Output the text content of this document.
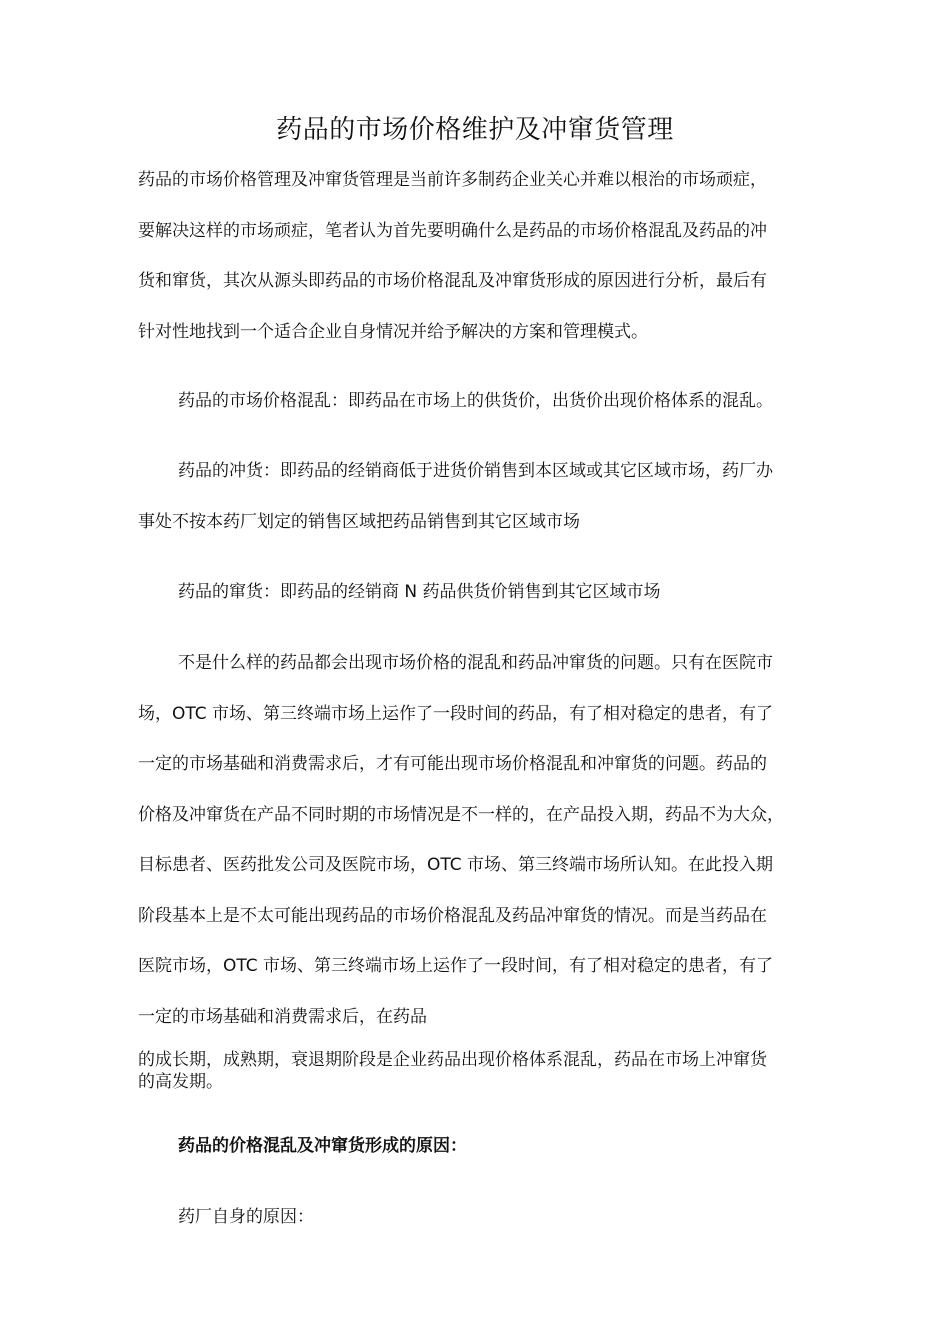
药品的市场价格维护及冲窜货管理

药品的市场价格管理及冲窜货管理是当前许多制药企业关心并难以根治的市场顽症，
要解决这样的市场顽症，笔者认为首先要明确什么是药品的市场价格混乱及药品的冲
货和窜货，其次从源头即药品的市场价格混乱及冲窜货形成的原因进行分析，最后有
针对性地找到一个适合企业自身情况并给予解决的方案和管理模式。

药品的市场价格混乱：即药品在市场上的供货价，出货价出现价格体系的混乱。

药品的冲货：即药品的经销商低于进货价销售到本区域或其它区域市场，药厂办
事处不按本药厂划定的销售区域把药品销售到其它区域市场

药品的窜货：即药品的经销商 N 药品供货价销售到其它区域市场

不是什么样的药品都会出现市场价格的混乱和药品冲窜货的问题。只有在医院市
场，OTC 市场、第三终端市场上运作了一段时间的药品，有了相对稳定的患者，有了
一定的市场基础和消费需求后，才有可能出现市场价格混乱和冲窜货的问题。药品的
价格及冲窜货在产品不同时期的市场情况是不一样的，在产品投入期，药品不为大众，
目标患者、医药批发公司及医院市场，OTC 市场、第三终端市场所认知。在此投入期
阶段基本上是不太可能出现药品的市场价格混乱及药品冲窜货的情况。而是当药品在
医院市场，OTC 市场、第三终端市场上运作了一段时间，有了相对稳定的患者，有了
一定的市场基础和消费需求后，在药品

的成长期，成熟期，衰退期阶段是企业药品出现价格体系混乱，药品在市场上冲窜货
的高发期。

药品的价格混乱及冲窜货形成的原因：

药厂自身的原因：
